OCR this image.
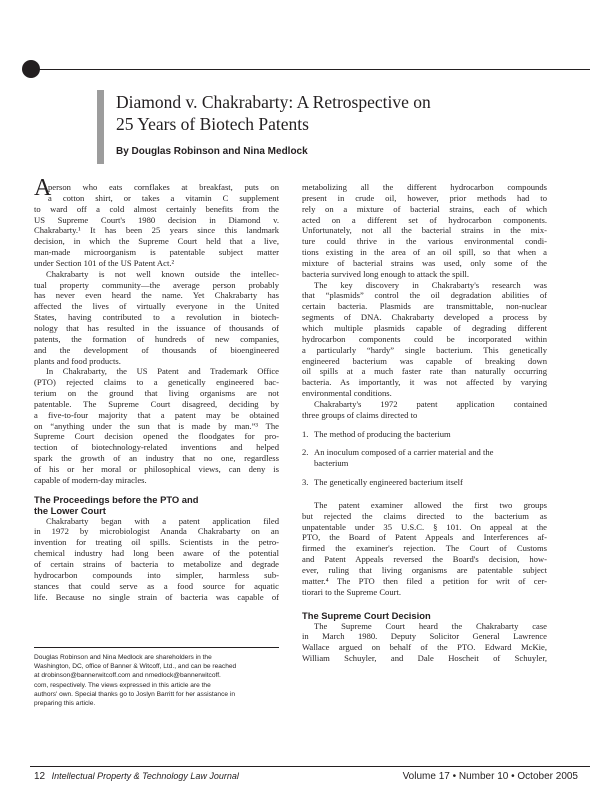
Diamond v. Chakrabarty: A Retrospective on
25 Years of Biotech Patents
By Douglas Robinson and Nina Medlock
A
person who eats cornflakes at breakfast, puts on
a cotton shirt, or takes a vitamin C supplement
to ward off a cold almost certainly benefits from the
US Supreme Court's 1980 decision in Diamond v.
Chakrabarty.¹ It has been 25 years since this landmark
decision, in which the Supreme Court held that a live,
man-made microorganism is patentable subject matter
under Section 101 of the US Patent Act.²
Chakrabarty is not well known outside the intellec-
tual property community—the average person probably
has never even heard the name. Yet Chakrabarty has
affected the lives of virtually everyone in the United
States, having contributed to a revolution in biotech-
nology that has resulted in the issuance of thousands of
patents, the formation of hundreds of new companies,
and the development of thousands of bioengineered
plants and food products.
In Chakrabarty, the US Patent and Trademark Office
(PTO) rejected claims to a genetically engineered bac-
terium on the ground that living organisms are not
patentable. The Supreme Court disagreed, deciding by
a five-to-four majority that a patent may be obtained
on “anything under the sun that is made by man.”³ The
Supreme Court decision opened the floodgates for pro-
tection of biotechnology-related inventions and helped
spark the growth of an industry that no one, regardless
of his or her moral or philosophical views, can deny is
capable of modern-day miracles.
The Proceedings before the PTO and
the Lower Court
Chakrabarty began with a patent application filed
in 1972 by microbiologist Ananda Chakrabarty on an
invention for treating oil spills. Scientists in the petro-
chemical industry had long been aware of the potential
of certain strains of bacteria to metabolize and degrade
hydrocarbon compounds into simpler, harmless sub-
stances that could serve as a food source for aquatic
life. Because no single strain of bacteria was capable of
metabolizing all the different hydrocarbon compounds
present in crude oil, however, prior methods had to
rely on a mixture of bacterial strains, each of which
acted on a different set of hydrocarbon components.
Unfortunately, not all the bacterial strains in the mix-
ture could thrive in the various environmental condi-
tions existing in the area of an oil spill, so that when a
mixture of bacterial strains was used, only some of the
bacteria survived long enough to attack the spill.
The key discovery in Chakrabarty's research was
that “plasmids” control the oil degradation abilities of
certain bacteria. Plasmids are transmittable, non-nuclear
segments of DNA. Chakrabarty developed a process by
which multiple plasmids capable of degrading different
hydrocarbon components could be incorporated within
a particularly “hardy” single bacterium. This genetically
engineered bacterium was capable of breaking down
oil spills at a much faster rate than naturally occurring
bacteria. As importantly, it was not affected by varying
environmental conditions.
Chakrabarty's 1972 patent application contained
three groups of claims directed to
1. The method of producing the bacterium
2. An inoculum composed of a carrier material and the
bacterium
3. The genetically engineered bacterium itself
The patent examiner allowed the first two groups
but rejected the claims directed to the bacterium as
unpatentable under 35 U.S.C. § 101. On appeal at the
PTO, the Board of Patent Appeals and Interferences af-
firmed the examiner's rejection. The Court of Customs
and Patent Appeals reversed the Board's decision, how-
ever, ruling that living organisms are patentable subject
matter.⁴ The PTO then filed a petition for writ of cer-
tiorari to the Supreme Court.
The Supreme Court Decision
The Supreme Court heard the Chakrabarty case
in March 1980. Deputy Solicitor General Lawrence
Wallace argued on behalf of the PTO. Edward McKie,
William Schuyler, and Dale Hoscheit of Schuyler,
Douglas Robinson and Nina Medlock are shareholders in the
Washington, DC, office of Banner & Witcoff, Ltd., and can be reached
at drobinson@bannerwitcoff.com and nmedlock@bannerwitcoff.
com, respectively. The views expressed in this article are the
authors' own. Special thanks go to Joslyn Barritt for her assistance in
preparing this article.
12 Intellectual Property & Technology Law Journal	Volume 17 • Number 10 • October 2005
